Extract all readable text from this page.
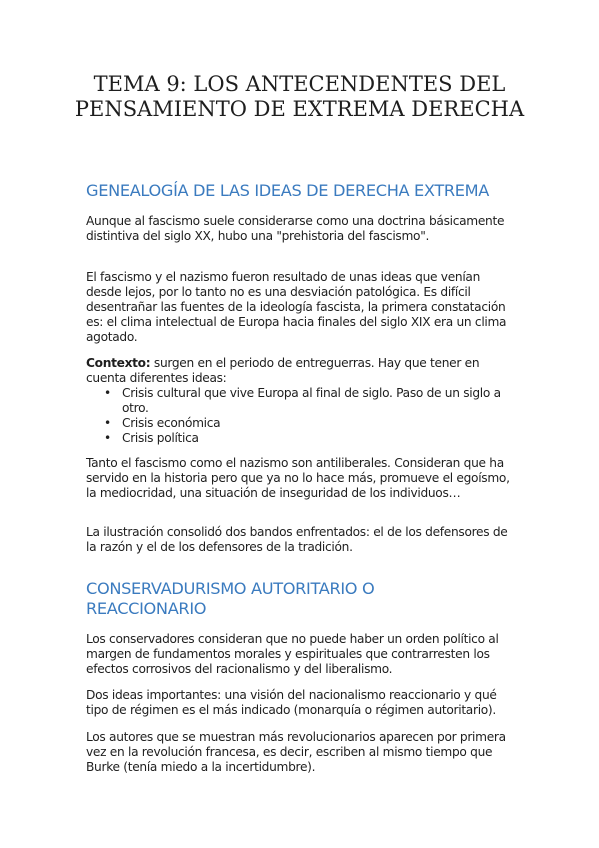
TEMA 9: LOS ANTECENDENTES DEL PENSAMIENTO DE EXTREMA DERECHA
GENEALOGÍA DE LAS IDEAS DE DERECHA EXTREMA

Aunque al fascismo suele considerarse como una doctrina básicamente distintiva del siglo XX, hubo una "prehistoria del fascismo".

El fascismo y el nazismo fueron resultado de unas ideas que venían desde lejos, por lo tanto no es una desviación patológica. Es difícil desentrañar las fuentes de la ideología fascista, la primera constatación es: el clima intelectual de Europa hacia finales del siglo XIX era un clima agotado.

Contexto: surgen en el periodo de entreguerras. Hay que tener en cuenta diferentes ideas:

• Crisis cultural que vive Europa al final de siglo. Paso de un siglo a otro.
• Crisis económica
• Crisis política

Tanto el fascismo como el nazismo son antiliberales. Consideran que ha servido en la historia pero que ya no lo hace más, promueve el egoísmo, la mediocridad, una situación de inseguridad de los individuos…

La ilustración consolidó dos bandos enfrentados: el de los defensores de la razón y el de los defensores de la tradición.

CONSERVADURISMO AUTORITARIO O REACCIONARIO

Los conservadores consideran que no puede haber un orden político al margen de fundamentos morales y espirituales que contrarresten los efectos corrosivos del racionalismo y del liberalismo.

Dos ideas importantes: una visión del nacionalismo reaccionario y qué tipo de régimen es el más indicado (monarquía o régimen autoritario).

Los autores que se muestran más revolucionarios aparecen por primera vez en la revolución francesa, es decir, escriben al mismo tiempo que Burke (tenía miedo a la incertidumbre).
